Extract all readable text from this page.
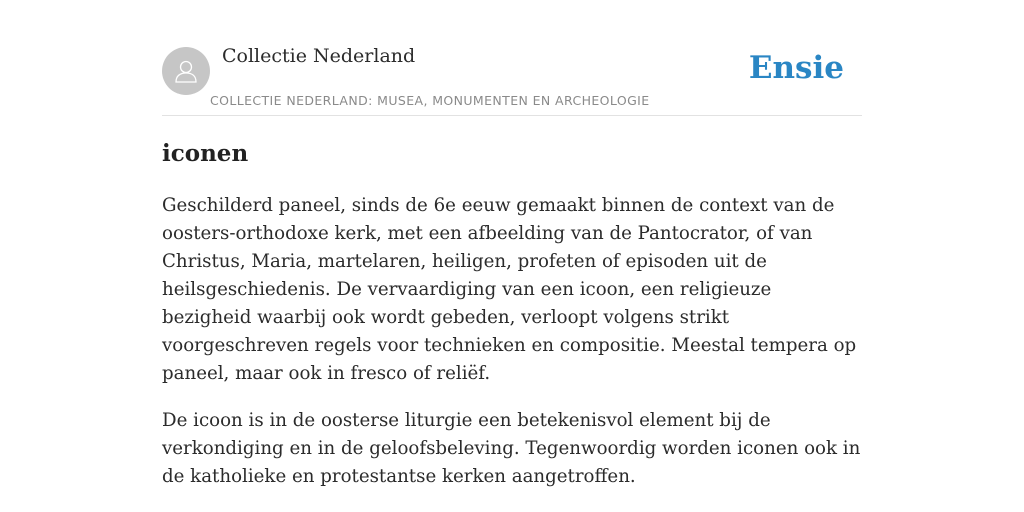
Collectie Nederland
COLLECTIE NEDERLAND: MUSEA, MONUMENTEN EN ARCHEOLOGIE
Ensie
iconen

Geschilderd paneel, sinds de 6e eeuw gemaakt binnen de context van de oosters-orthodoxe kerk, met een afbeelding van de Pantocrator, of van Christus, Maria, martelaren, heiligen, profeten of episoden uit de heilsgeschiedenis. De vervaardiging van een icoon, een religieuze bezigheid waarbij ook wordt gebeden, verloopt volgens strikt voorgeschreven regels voor technieken en compositie. Meestal tempera op paneel, maar ook in fresco of reliëf.

De icoon is in de oosterse liturgie een betekenisvol element bij de verkondiging en in de geloofsbeleving. Tegenwoordig worden iconen ook in de katholieke en protestantse kerken aangetroffen.
